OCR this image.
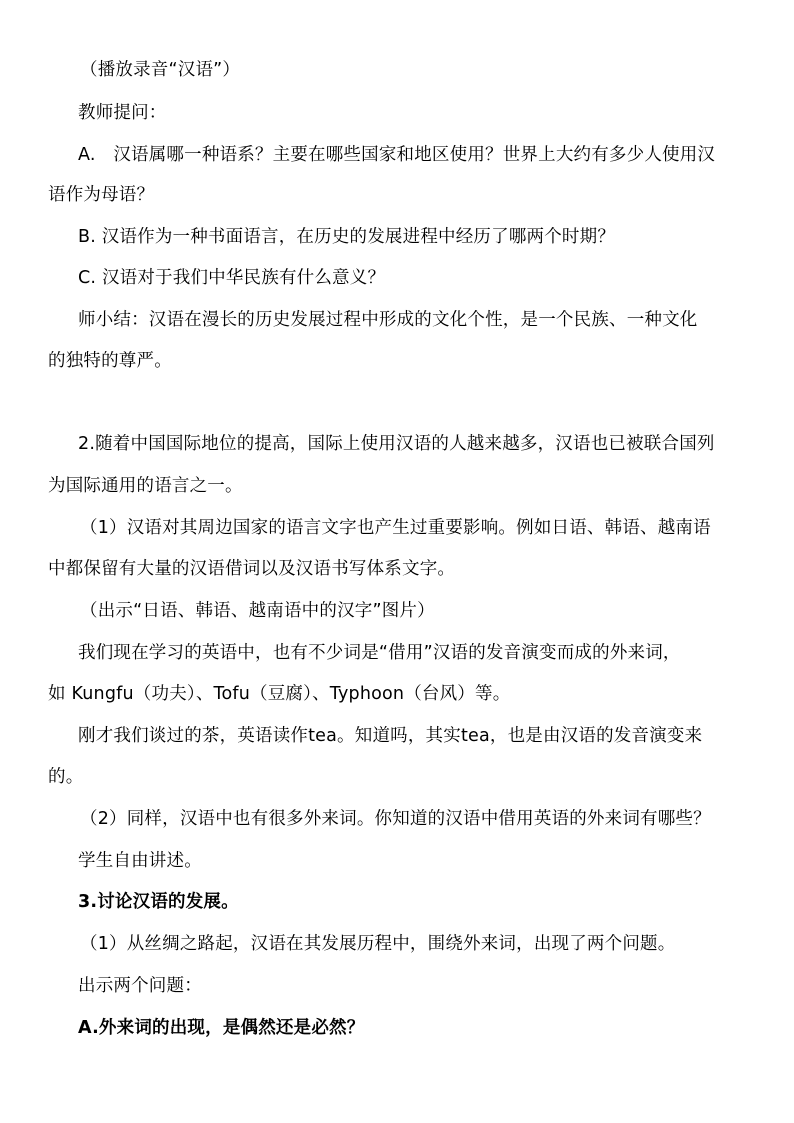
（播放录音“汉语”）
教师提问：
A.　汉语属哪一种语系？主要在哪些国家和地区使用？世界上大约有多少人使用汉
语作为母语？
B. 汉语作为一种书面语言，在历史的发展进程中经历了哪两个时期？
C. 汉语对于我们中华民族有什么意义？
师小结：汉语在漫长的历史发展过程中形成的文化个性，是一个民族、一种文化
的独特的尊严。
2.随着中国国际地位的提高，国际上使用汉语的人越来越多，汉语也已被联合国列
为国际通用的语言之一。
（1）汉语对其周边国家的语言文字也产生过重要影响。例如日语、韩语、越南语
中都保留有大量的汉语借词以及汉语书写体系文字。
（出示“日语、韩语、越南语中的汉字”图片）
我们现在学习的英语中，也有不少词是“借用”汉语的发音演变而成的外来词，
如 Kungfu（功夫）、Tofu（豆腐）、Typhoon（台风）等。
刚才我们谈过的茶，英语读作tea。知道吗，其实tea，也是由汉语的发音演变来
的。
（2）同样，汉语中也有很多外来词。你知道的汉语中借用英语的外来词有哪些？
学生自由讲述。
3.讨论汉语的发展。
（1）从丝绸之路起，汉语在其发展历程中，围绕外来词，出现了两个问题。
出示两个问题：
A.外来词的出现，是偶然还是必然？
